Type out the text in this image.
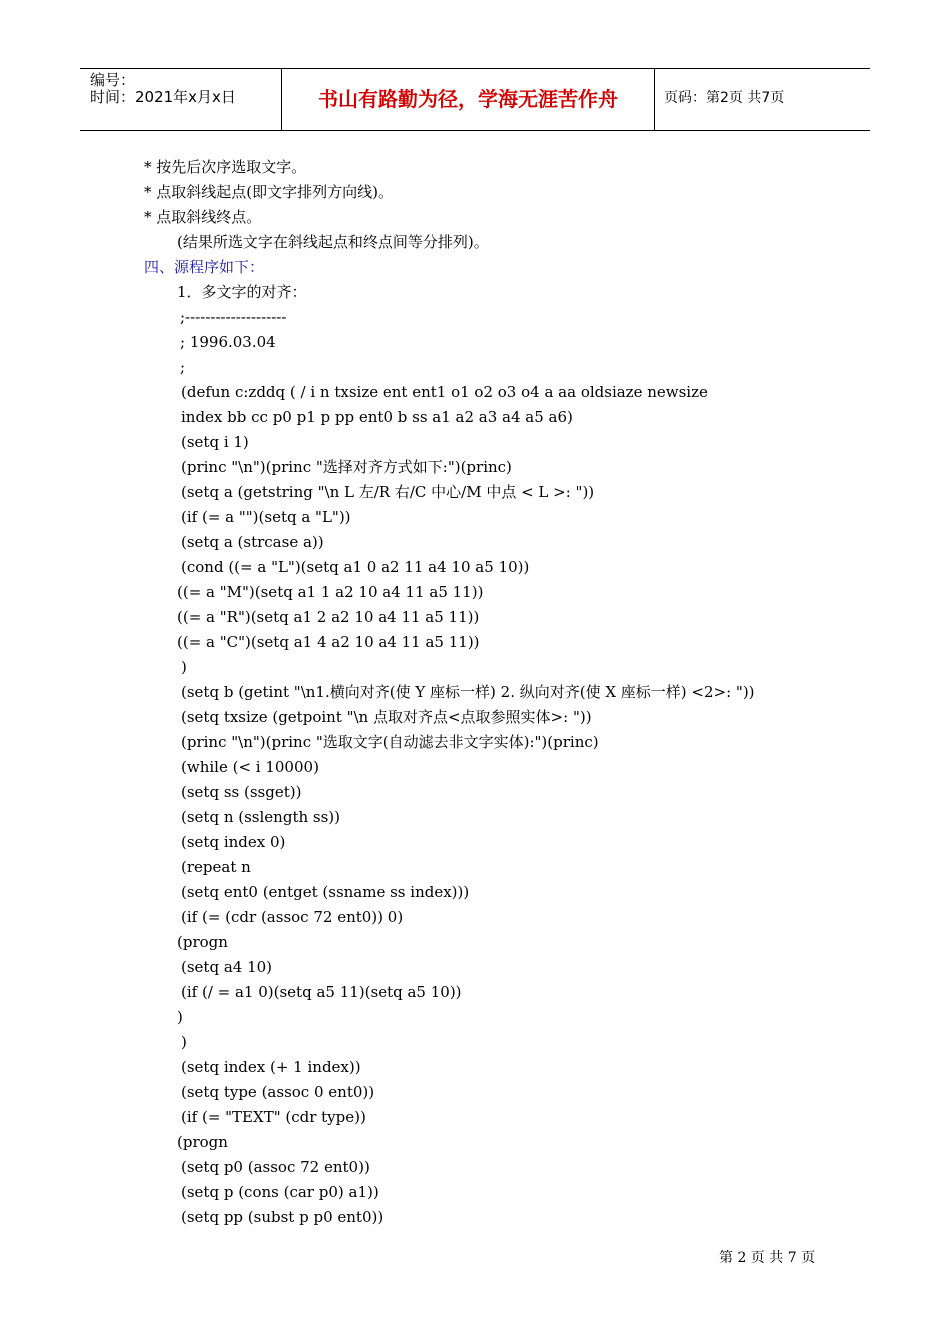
编号：
时间：2021年x月x日	书山有路勤为径，学海无涯苦作舟	页码：第2页 共7页
* 按先后次序选取文字。
* 点取斜线起点(即文字排列方向线)。
* 点取斜线终点。
(结果所选文字在斜线起点和终点间等分排列)。
四、源程序如下：
1．多文字的对齐：
;--------------------
; 1996.03.04
;
(defun c:zddq ( / i n txsize ent ent1 o1 o2 o3 o4 a aa oldsiaze newsize
index bb cc p0 p1 p pp ent0 b ss a1 a2 a3 a4 a5 a6)
(setq i 1)
(princ "\n")(princ "选择对齐方式如下:")(princ)
(setq a (getstring "\n L 左/R 右/C 中心/M 中点 < L >: "))
(if (= a "")(setq a "L"))
(setq a (strcase a))
(cond ((= a "L")(setq a1 0 a2 11 a4 10 a5 10))
((= a "M")(setq a1 1 a2 10 a4 11 a5 11))
((= a "R")(setq a1 2 a2 10 a4 11 a5 11))
((= a "C")(setq a1 4 a2 10 a4 11 a5 11))
)
(setq b (getint "\n1.横向对齐(使 Y 座标一样) 2. 纵向对齐(使 X 座标一样) <2>: "))
(setq txsize (getpoint "\n 点取对齐点<点取参照实体>: "))
(princ "\n")(princ "选取文字(自动滤去非文字实体):")(princ)
(while (< i 10000)
(setq ss (ssget))
(setq n (sslength ss))
(setq index 0)
(repeat n
(setq ent0 (entget (ssname ss index)))
(if (= (cdr (assoc 72 ent0)) 0)
(progn
(setq a4 10)
(if (/ = a1 0)(setq a5 11)(setq a5 10))
)
)
(setq index (+ 1 index))
(setq type (assoc 0 ent0))
(if (= "TEXT" (cdr type))
(progn
(setq p0 (assoc 72 ent0))
(setq p (cons (car p0) a1))
(setq pp (subst p p0 ent0))
第 2 页 共 7 页
